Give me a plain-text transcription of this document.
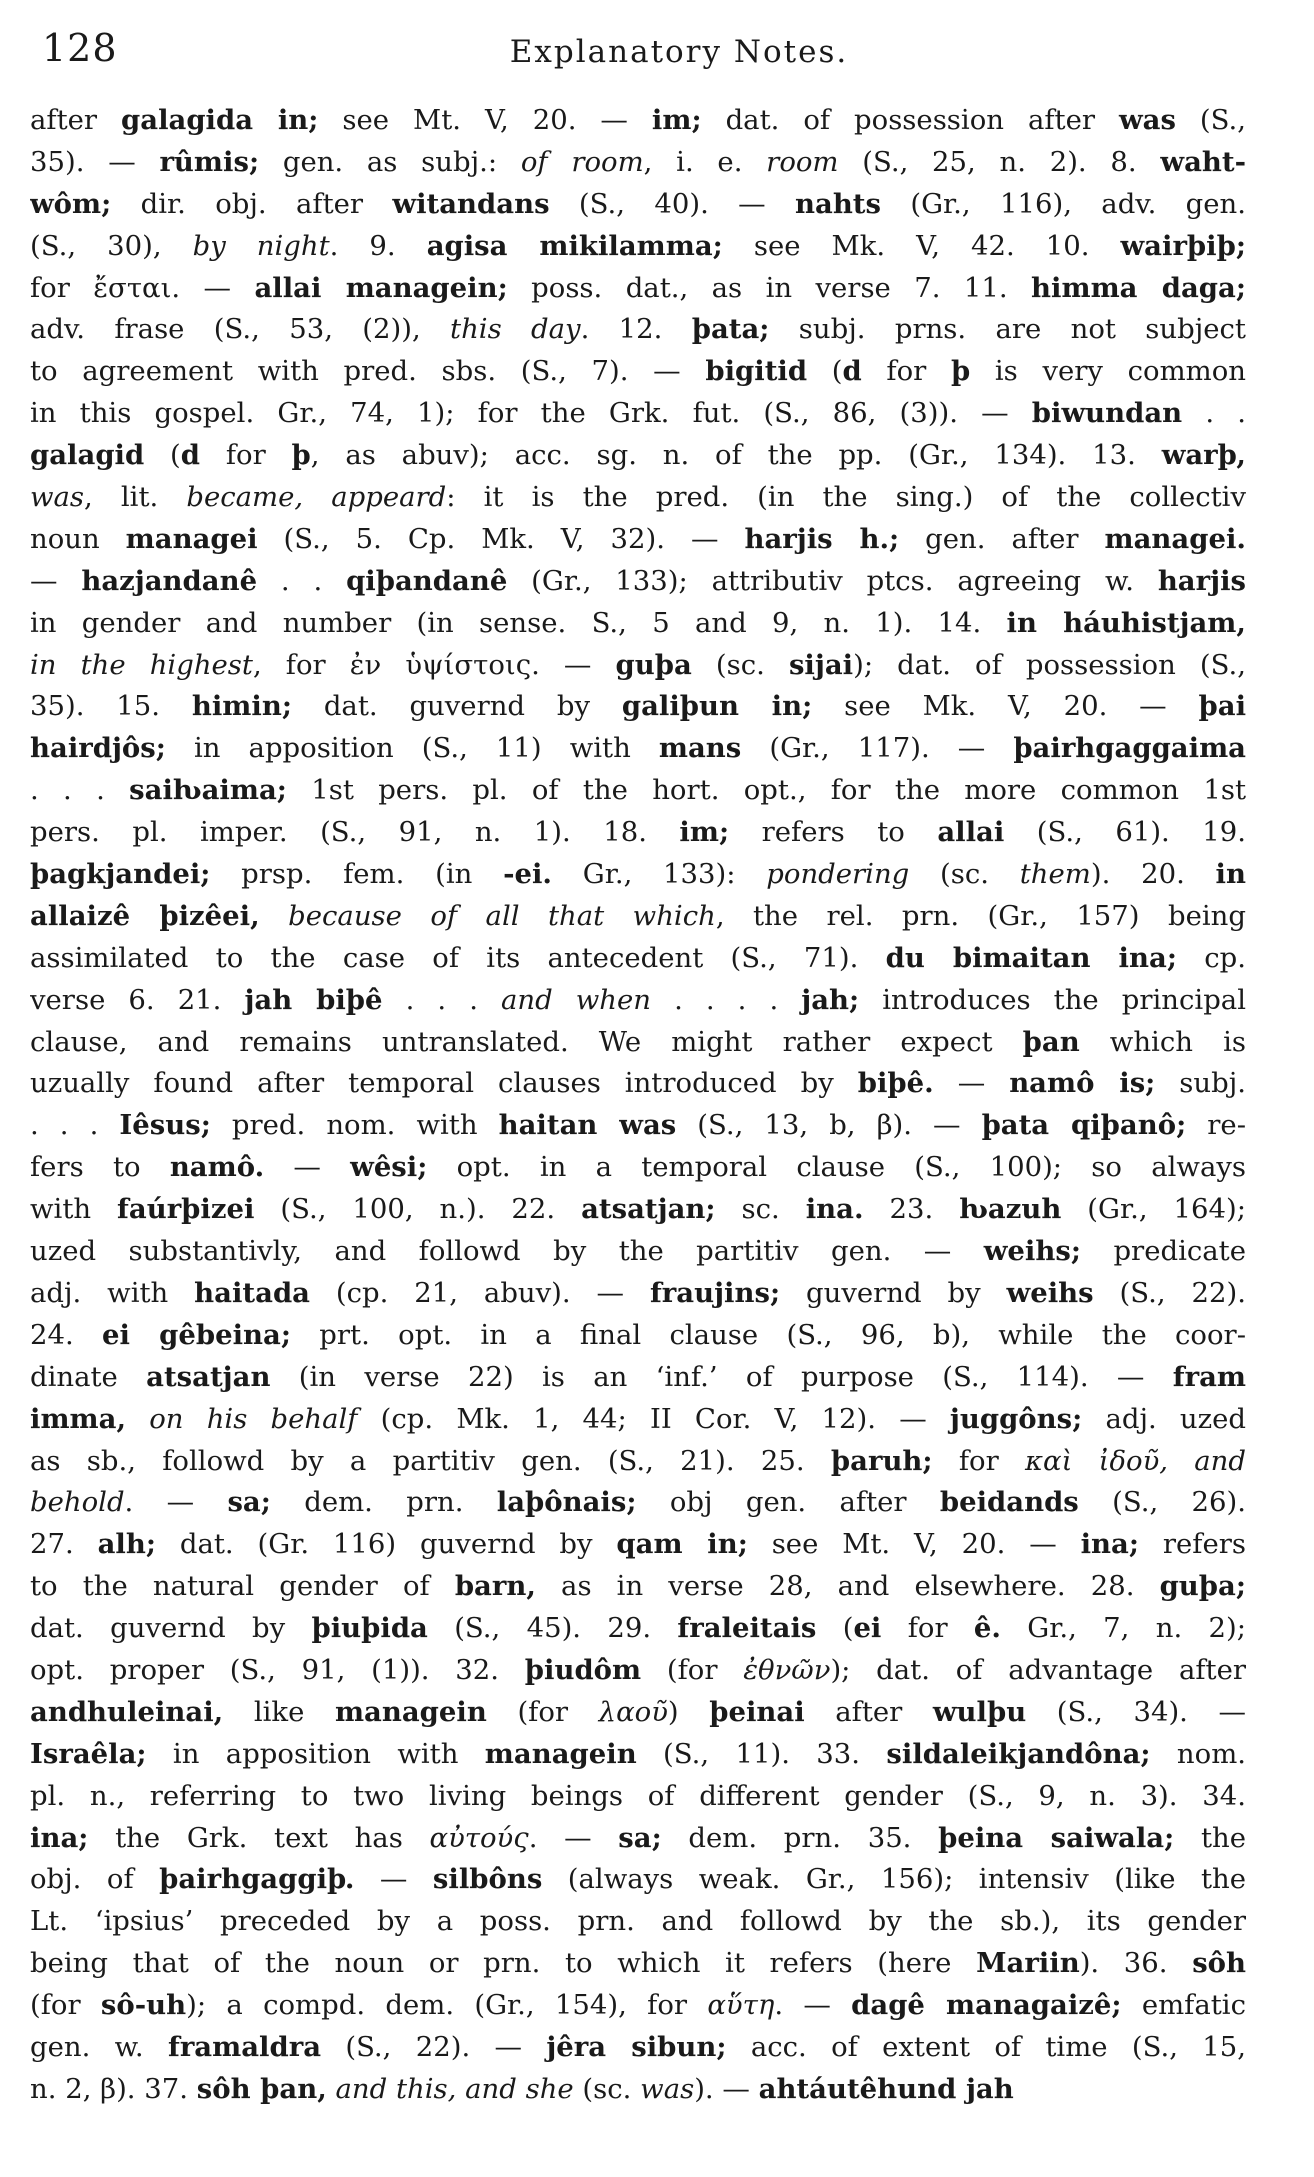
128	Explanatory Notes.
after galagida in; see Mt. V, 20. — im; dat. of possession after was (S.,
35). — rûmis; gen. as subj.: of room, i. e. room (S., 25, n. 2). 8. waht-
wôm; dir. obj. after witandans (S., 40). — nahts (Gr., 116), adv. gen.
(S., 30), by night. 9. agisa mikilamma; see Mk. V, 42. 10. wairþiþ;
for ἔσται. — allai managein; poss. dat., as in verse 7. 11. himma daga;
adv. frase (S., 53, (2)), this day. 12. þata; subj. prns. are not subject
to agreement with pred. sbs. (S., 7). — bigitid (d for þ is very common
in this gospel. Gr., 74, 1); for the Grk. fut. (S., 86, (3)). — biwundan . .
galagid (d for þ, as abuv); acc. sg. n. of the pp. (Gr., 134). 13. warþ,
was, lit. became, appeard: it is the pred. (in the sing.) of the collectiv
noun managei (S., 5. Cp. Mk. V, 32). — harjis h.; gen. after managei.
— hazjandanê . . qiþandanê (Gr., 133); attributiv ptcs. agreeing w. harjis
in gender and number (in sense. S., 5 and 9, n. 1). 14. in háuhistjam,
in the highest, for ἐν ὑψίστοις. — guþa (sc. sijai); dat. of possession (S.,
35). 15. himin; dat. guvernd by galiþun in; see Mk. V, 20. — þai
hairdjôs; in apposition (S., 11) with mans (Gr., 117). — þairhgaggaima
. . . saiƕaima; 1st pers. pl. of the hort. opt., for the more common 1st
pers. pl. imper. (S., 91, n. 1). 18. im; refers to allai (S., 61). 19.
þagkjandei; prsp. fem. (in -ei. Gr., 133): pondering (sc. them). 20. in
allaizê þizêei, because of all that which, the rel. prn. (Gr., 157) being
assimilated to the case of its antecedent (S., 71). du bimaitan ina; cp.
verse 6. 21. jah biþê . . . and when . . . . jah; introduces the principal
clause, and remains untranslated. We might rather expect þan which is
uzually found after temporal clauses introduced by biþê. — namô is; subj.
. . . Iêsus; pred. nom. with haitan was (S., 13, b, β). — þata qiþanô; re-
fers to namô. — wêsi; opt. in a temporal clause (S., 100); so always
with faúrþizei (S., 100, n.). 22. atsatjan; sc. ina. 23. ƕazuh (Gr., 164);
uzed substantivly, and followd by the partitiv gen. — weihs; predicate
adj. with haitada (cp. 21, abuv). — fraujins; guvernd by weihs (S., 22).
24. ei gêbeina; prt. opt. in a final clause (S., 96, b), while the coor-
dinate atsatjan (in verse 22) is an ‘inf.’ of purpose (S., 114). — fram
imma, on his behalf (cp. Mk. 1, 44; II Cor. V, 12). — juggôns; adj. uzed
as sb., followd by a partitiv gen. (S., 21). 25. þaruh; for καὶ ἰδοῦ, and
behold. — sa; dem. prn. laþônais; obj gen. after beidands (S., 26).
27. alh; dat. (Gr. 116) guvernd by qam in; see Mt. V, 20. — ina; refers
to the natural gender of barn, as in verse 28, and elsewhere. 28. guþa;
dat. guvernd by þiuþida (S., 45). 29. fraleitais (ei for ê. Gr., 7, n. 2);
opt. proper (S., 91, (1)). 32. þiudôm (for ἐθνῶν); dat. of advantage after
andhuleinai, like managein (for λαοῦ) þeinai after wulþu (S., 34). —
Israêla; in apposition with managein (S., 11). 33. sildaleikjandôna; nom.
pl. n., referring to two living beings of different gender (S., 9, n. 3). 34.
ina; the Grk. text has αὐτούς. — sa; dem. prn. 35. þeina saiwala; the
obj. of þairhgaggiþ. — silbôns (always weak. Gr., 156); intensiv (like the
Lt. ‘ipsius’ preceded by a poss. prn. and followd by the sb.), its gender
being that of the noun or prn. to which it refers (here Mariin). 36. sôh
(for sô-uh); a compd. dem. (Gr., 154), for αὕτη. — dagê managaizê; emfatic
gen. w. framaldra (S., 22). — jêra sibun; acc. of extent of time (S., 15,
n. 2, β). 37. sôh þan, and this, and she (sc. was). — ahtáutêhund jah
